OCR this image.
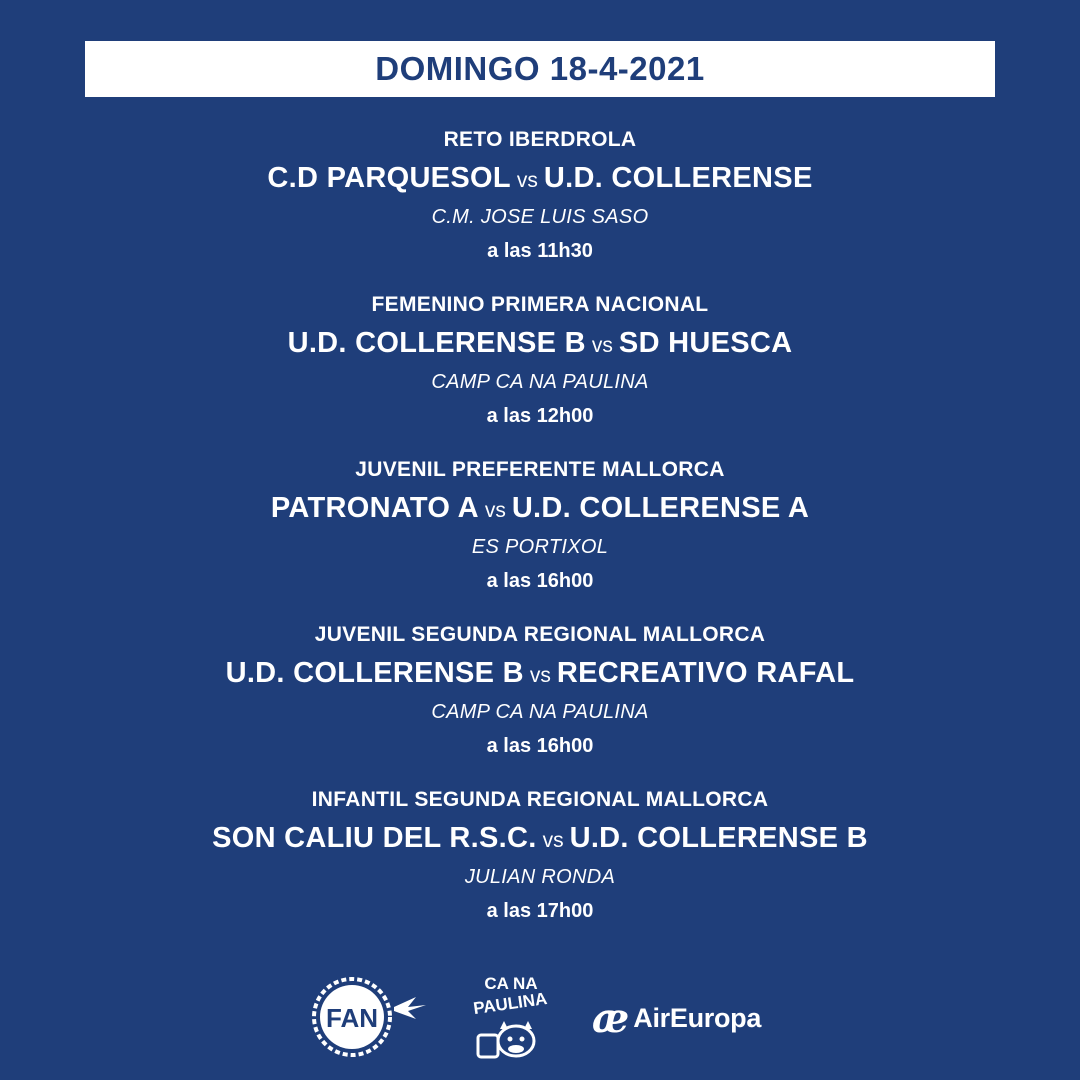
DOMINGO 18-4-2021
RETO IBERDROLA
C.D PARQUESOL vs U.D. COLLERENSE
C.M. JOSE LUIS SASO
a las 11h30
FEMENINO PRIMERA NACIONAL
U.D. COLLERENSE B vs SD HUESCA
CAMP CA NA PAULINA
a las 12h00
JUVENIL PREFERENTE MALLORCA
PATRONATO A vs U.D. COLLERENSE A
ES PORTIXOL
a las 16h00
JUVENIL SEGUNDA REGIONAL MALLORCA
U.D. COLLERENSE B vs RECREATIVO RAFAL
CAMP CA NA PAULINA
a las 16h00
INFANTIL SEGUNDA REGIONAL MALLORCA
SON CALIU DEL R.S.C. vs U.D. COLLERENSE B
JULIAN RONDA
a las 17h00
FAN
CA NA
PAULINA æ AirEuropa
